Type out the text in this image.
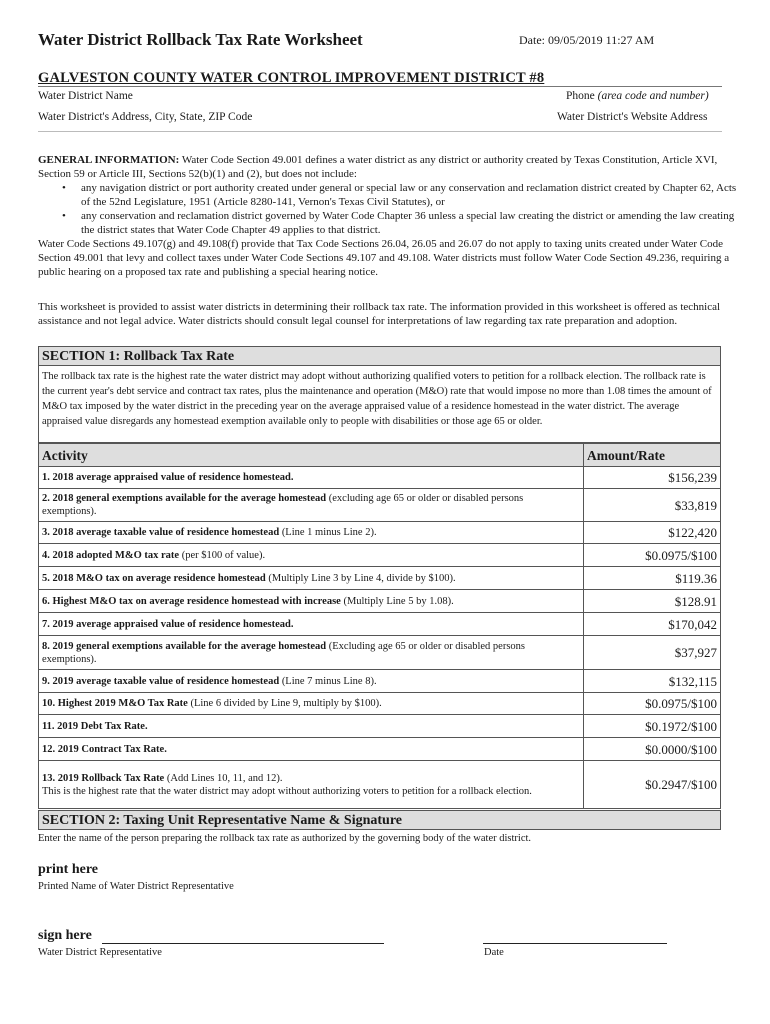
Water District Rollback Tax Rate Worksheet	Date: 09/05/2019 11:27 AM
GALVESTON COUNTY WATER CONTROL IMPROVEMENT DISTRICT #8
Water District Name	Phone (area code and number)
Water District's Address, City, State, ZIP Code	Water District's Website Address
GENERAL INFORMATION: Water Code Section 49.001 defines a water district as any district or authority created by Texas Constitution, Article XVI, Section 59 or Article III, Sections 52(b)(1) and (2), but does not include:
• any navigation district or port authority created under general or special law or any conservation and reclamation district created by Chapter 62, Acts of the 52nd Legislature, 1951 (Article 8280-141, Vernon's Texas Civil Statutes), or
• any conservation and reclamation district governed by Water Code Chapter 36 unless a special law creating the district or amending the law creating the district states that Water Code Chapter 49 applies to that district.
Water Code Sections 49.107(g) and 49.108(f) provide that Tax Code Sections 26.04, 26.05 and 26.07 do not apply to taxing units created under Water Code Section 49.001 that levy and collect taxes under Water Code Sections 49.107 and 49.108. Water districts must follow Water Code Section 49.236, requiring a public hearing on a proposed tax rate and publishing a special hearing notice.
This worksheet is provided to assist water districts in determining their rollback tax rate. The information provided in this worksheet is offered as technical assistance and not legal advice. Water districts should consult legal counsel for interpretations of law regarding tax rate preparation and adoption.
SECTION 1: Rollback Tax Rate
The rollback tax rate is the highest rate the water district may adopt without authorizing qualified voters to petition for a rollback election. The rollback rate is the current year's debt service and contract tax rates, plus the maintenance and operation (M&O) rate that would impose no more than 1.08 times the amount of M&O tax imposed by the water district in the preceding year on the average appraised value of a residence homestead in the water district. The average appraised value disregards any homestead exemption available only to people with disabilities or those age 65 or older.
Activity	Amount/Rate
1. 2018 average appraised value of residence homestead.	$156,239
2. 2018 general exemptions available for the average homestead (excluding age 65 or older or disabled persons exemptions).	$33,819
3. 2018 average taxable value of residence homestead (Line 1 minus Line 2).	$122,420
4. 2018 adopted M&O tax rate (per $100 of value).	$0.0975/$100
5. 2018 M&O tax on average residence homestead (Multiply Line 3 by Line 4, divide by $100).	$119.36
6. Highest M&O tax on average residence homestead with increase (Multiply Line 5 by 1.08).	$128.91
7. 2019 average appraised value of residence homestead.	$170,042
8. 2019 general exemptions available for the average homestead (Excluding age 65 or older or disabled persons exemptions).	$37,927
9. 2019 average taxable value of residence homestead (Line 7 minus Line 8).	$132,115
10. Highest 2019 M&O Tax Rate (Line 6 divided by Line 9, multiply by $100).	$0.0975/$100
11. 2019 Debt Tax Rate.	$0.1972/$100
12. 2019 Contract Tax Rate.	$0.0000/$100
13. 2019 Rollback Tax Rate (Add Lines 10, 11, and 12).
This is the highest rate that the water district may adopt without authorizing voters to petition for a rollback election.	$0.2947/$100
SECTION 2: Taxing Unit Representative Name & Signature
Enter the name of the person preparing the rollback tax rate as authorized by the governing body of the water district.
print here
Printed Name of Water District Representative
sign here
Water District Representative	Date
